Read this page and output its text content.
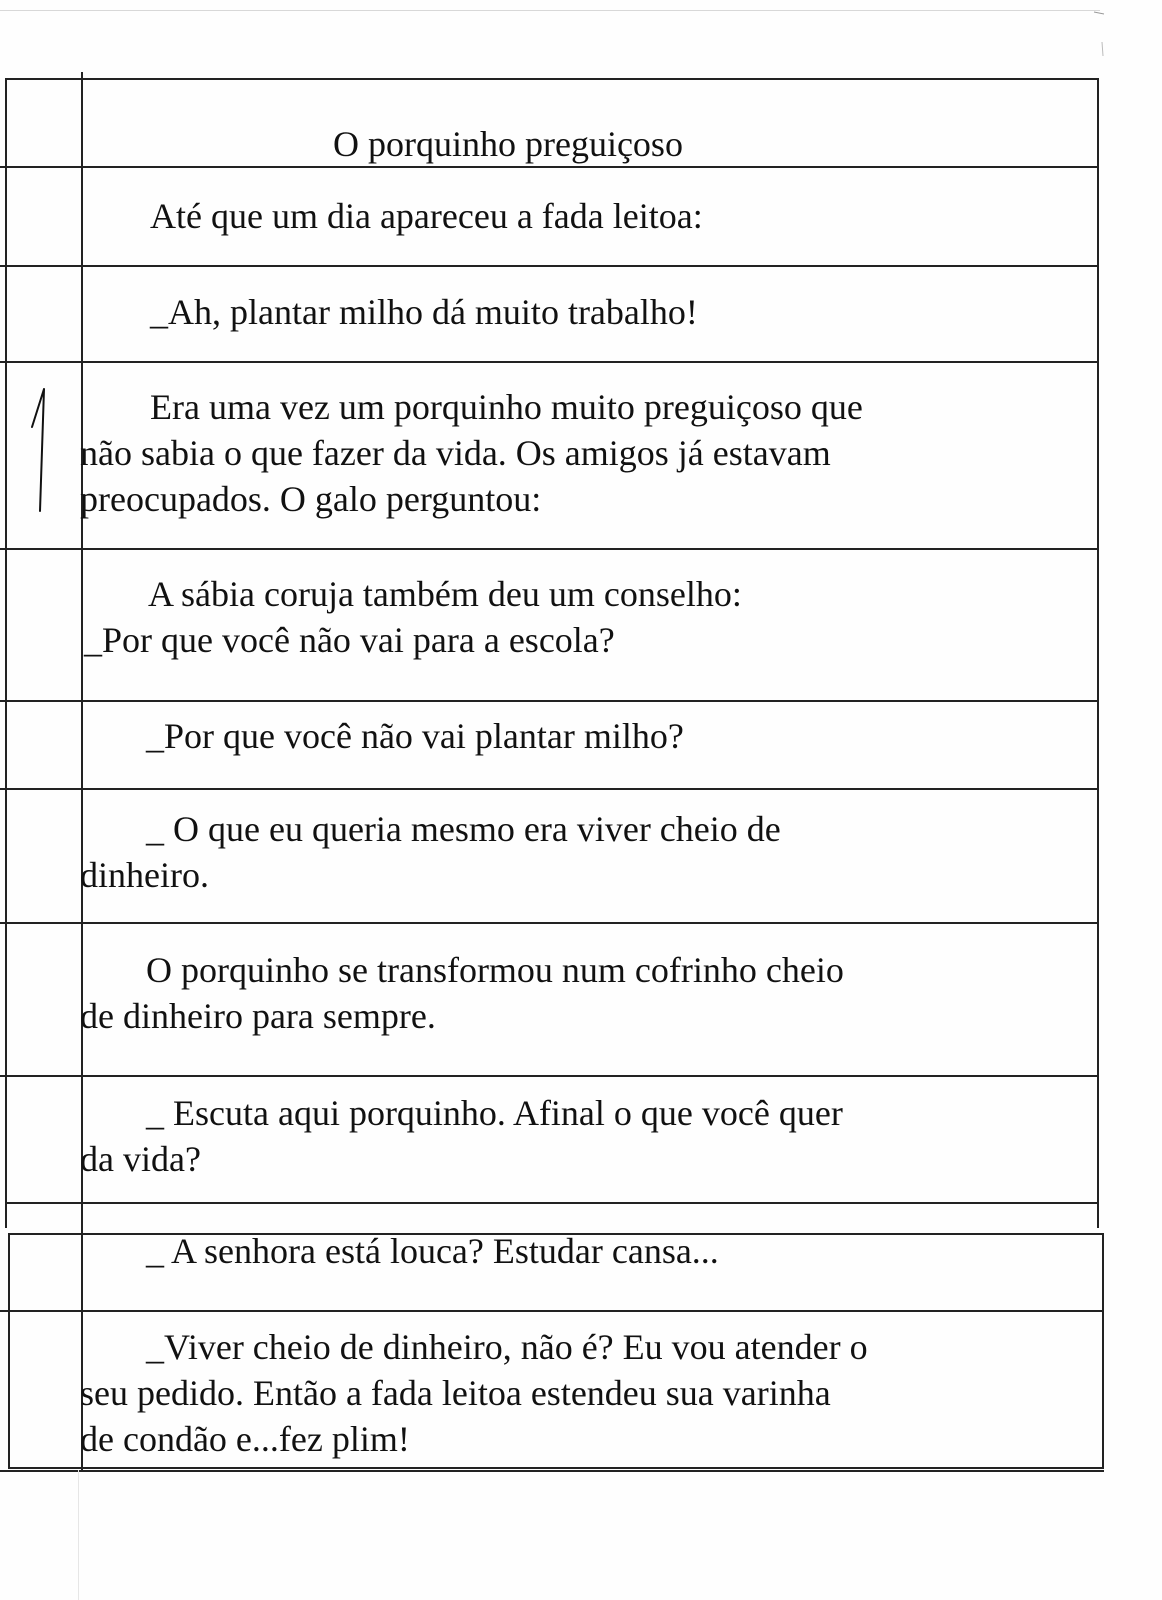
O porquinho preguiçoso
Até que um dia apareceu a fada leitoa:
_Ah, plantar milho dá muito trabalho!
Era uma vez um porquinho muito preguiçoso que
não sabia o que fazer da vida. Os amigos já estavam
preocupados. O galo perguntou:
A sábia coruja também deu um conselho:
_Por que você não vai para a escola?
_Por que você não vai plantar milho?
_ O que eu queria mesmo era viver cheio de
dinheiro.
O porquinho se transformou num cofrinho cheio
de dinheiro para sempre.
_ Escuta aqui porquinho. Afinal o que você quer
da vida?
_ A senhora está louca? Estudar cansa...
_Viver cheio de dinheiro, não é? Eu vou atender o
seu pedido. Então a fada leitoa estendeu sua varinha
de condão e...fez plim!
